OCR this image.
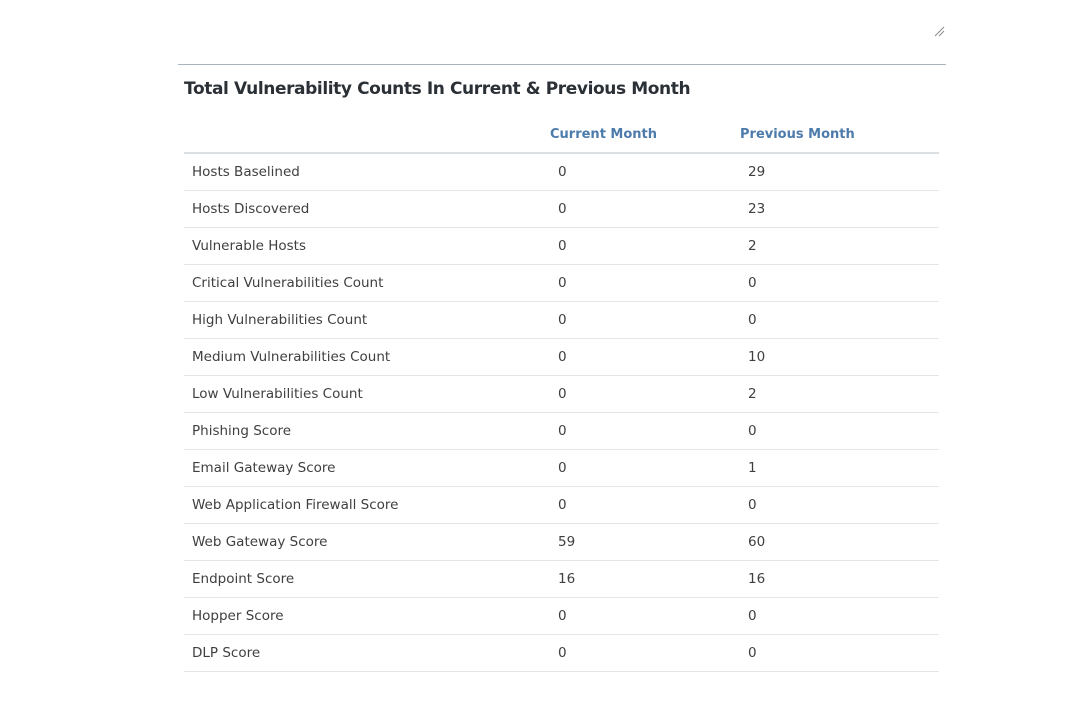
Total Vulnerability Counts In Current & Previous Month
	Current Month	Previous Month
Hosts Baselined	0	29
Hosts Discovered	0	23
Vulnerable Hosts	0	2
Critical Vulnerabilities Count	0	0
High Vulnerabilities Count	0	0
Medium Vulnerabilities Count	0	10
Low Vulnerabilities Count	0	2
Phishing Score	0	0
Email Gateway Score	0	1
Web Application Firewall Score	0	0
Web Gateway Score	59	60
Endpoint Score	16	16
Hopper Score	0	0
DLP Score	0	0
